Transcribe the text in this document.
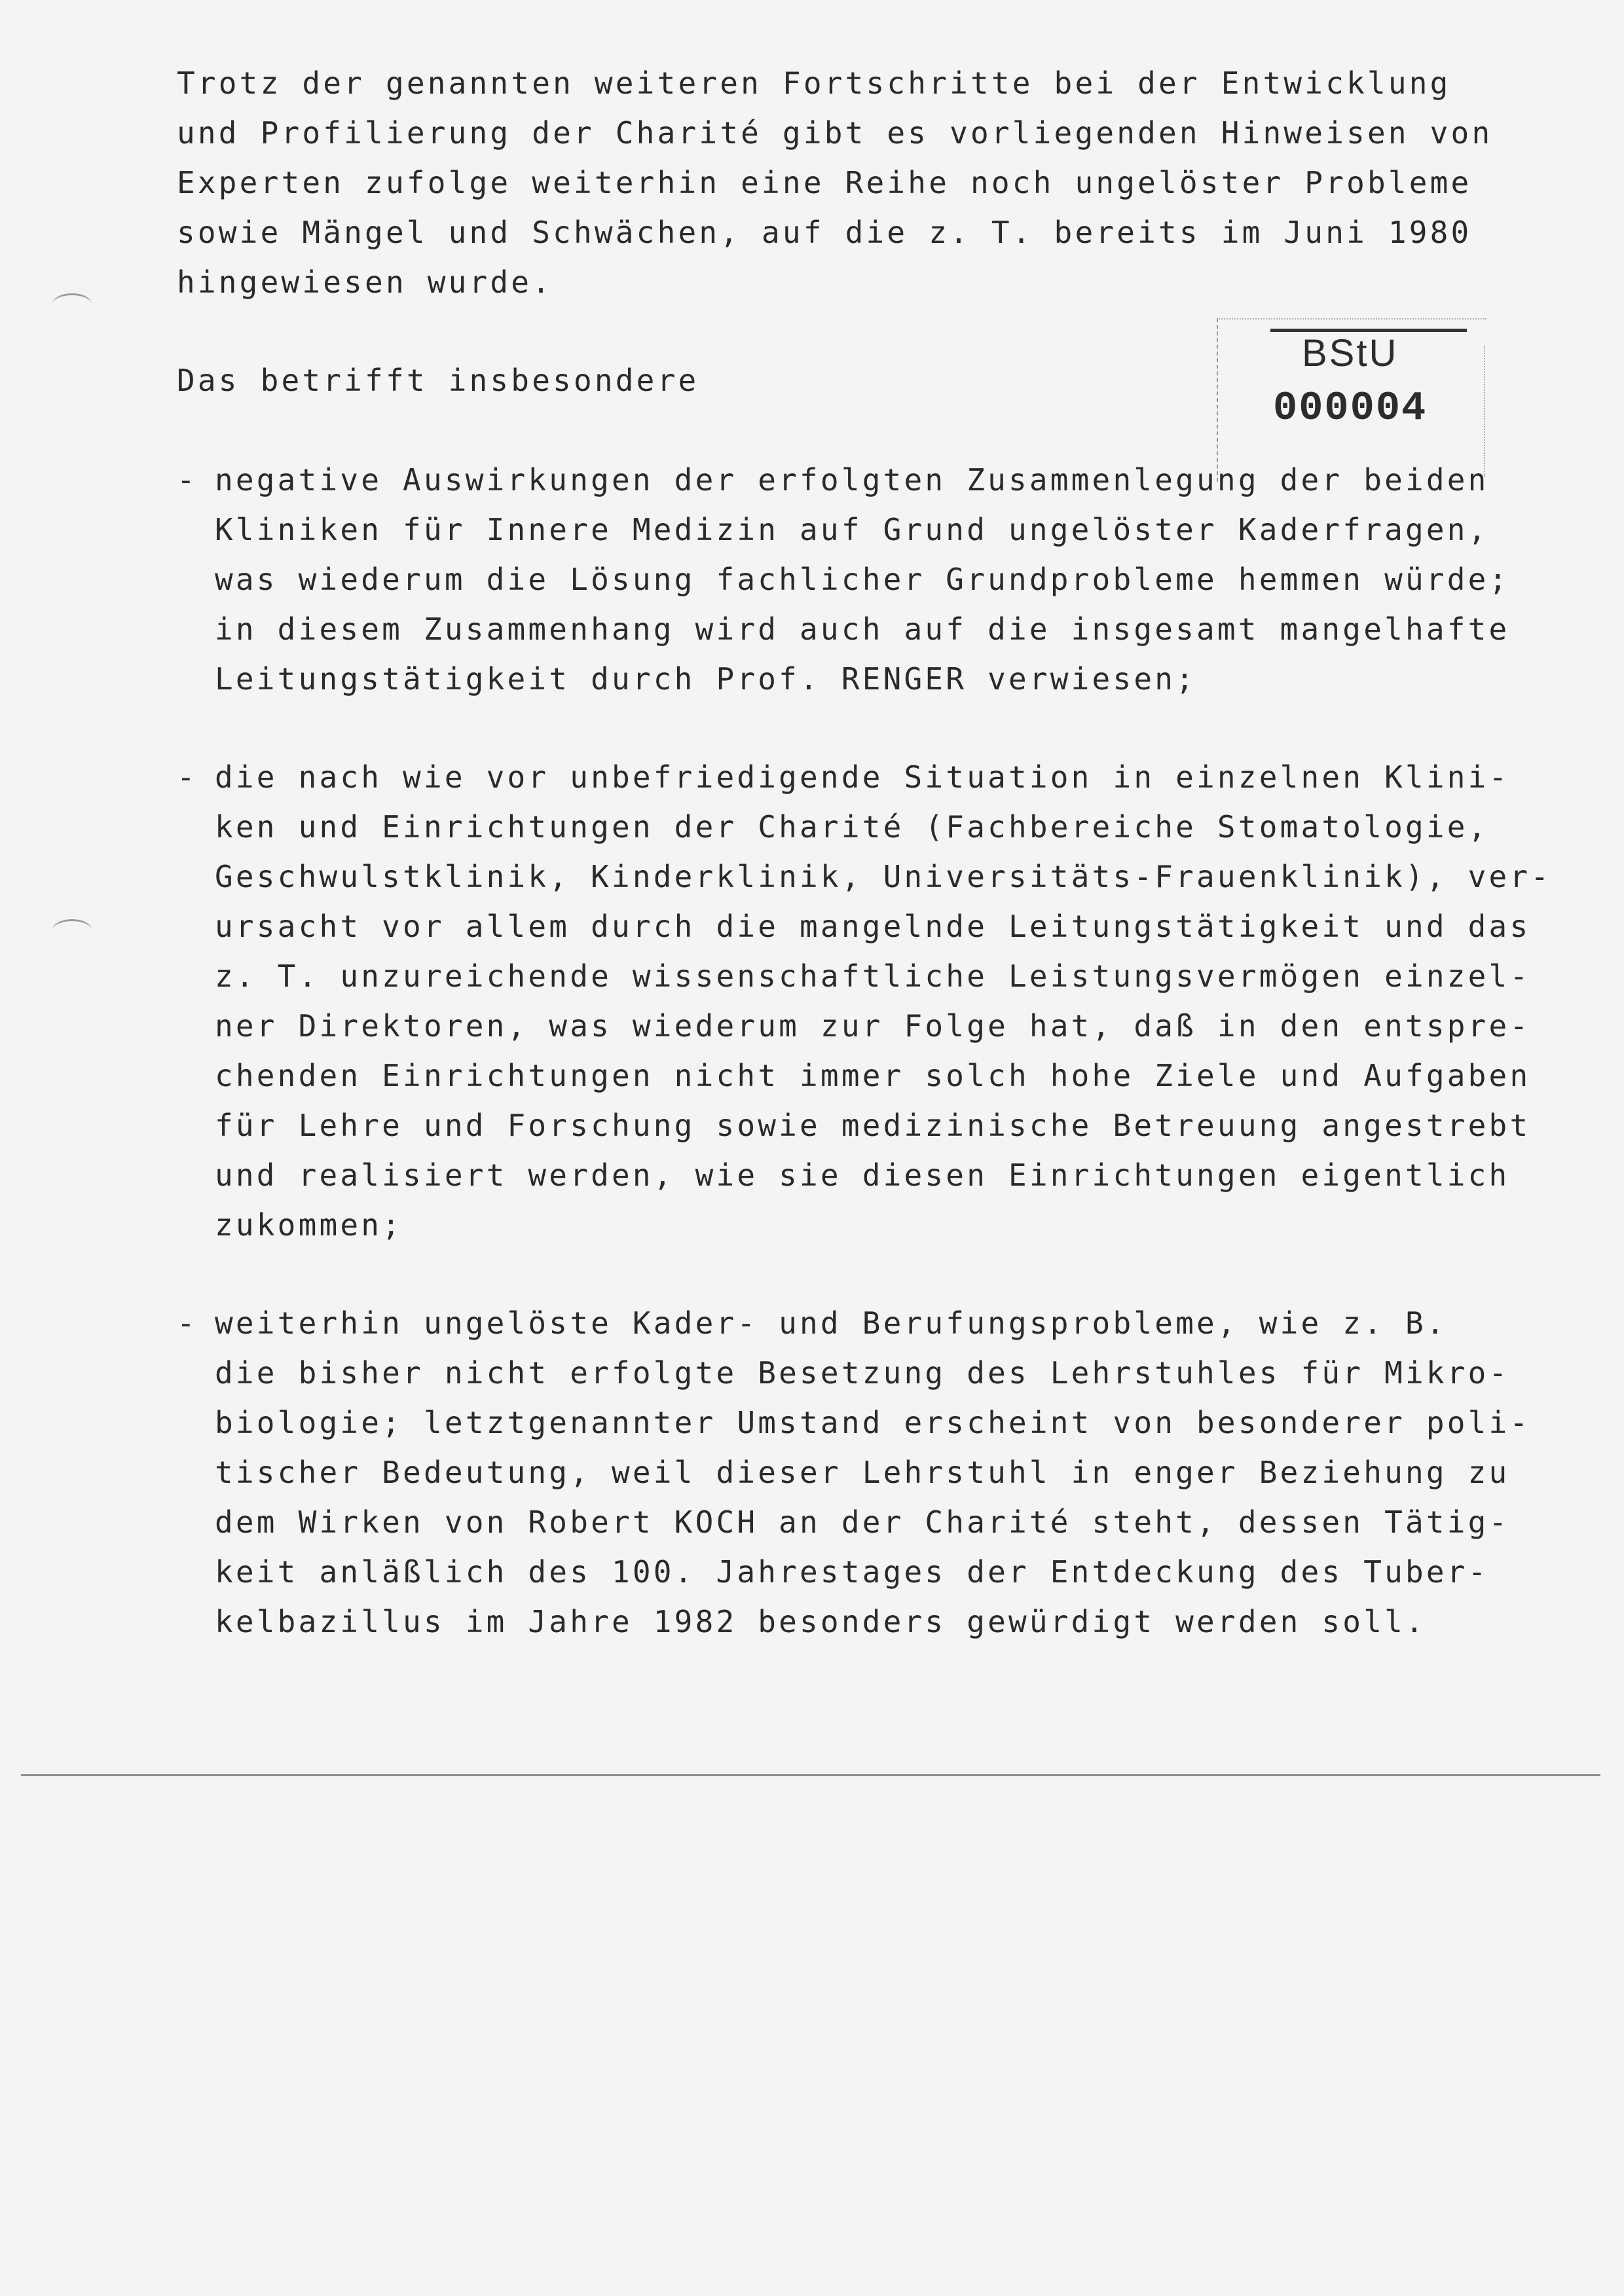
Trotz der genannten weiteren Fortschritte bei der Entwicklung
und Profilierung der Charité gibt es vorliegenden Hinweisen von
Experten zufolge weiterhin eine Reihe noch ungelöster Probleme
sowie Mängel und Schwächen, auf die z. T. bereits im Juni 1980
hingewiesen wurde.
Das betrifft insbesondere
- negative Auswirkungen der erfolgten Zusammenlegung der beiden
Kliniken für Innere Medizin auf Grund ungelöster Kaderfragen,
was wiederum die Lösung fachlicher Grundprobleme hemmen würde;
in diesem Zusammenhang wird auch auf die insgesamt mangelhafte
Leitungstätigkeit durch Prof. RENGER verwiesen;
- die nach wie vor unbefriedigende Situation in einzelnen Klini-
ken und Einrichtungen der Charité (Fachbereiche Stomatologie,
Geschwulstklinik, Kinderklinik, Universitäts-Frauenklinik), ver-
ursacht vor allem durch die mangelnde Leitungstätigkeit und das
z. T. unzureichende wissenschaftliche Leistungsvermögen einzel-
ner Direktoren, was wiederum zur Folge hat, daß in den entspre-
chenden Einrichtungen nicht immer solch hohe Ziele und Aufgaben
für Lehre und Forschung sowie medizinische Betreuung angestrebt
und realisiert werden, wie sie diesen Einrichtungen eigentlich
zukommen;
- weiterhin ungelöste Kader- und Berufungsprobleme, wie z. B.
die bisher nicht erfolgte Besetzung des Lehrstuhles für Mikro-
biologie; letztgenannter Umstand erscheint von besonderer poli-
tischer Bedeutung, weil dieser Lehrstuhl in enger Beziehung zu
dem Wirken von Robert KOCH an der Charité steht, dessen Tätig-
keit anläßlich des 100. Jahrestages der Entdeckung des Tuber-
kelbazillus im Jahre 1982 besonders gewürdigt werden soll.
BStU
000004
